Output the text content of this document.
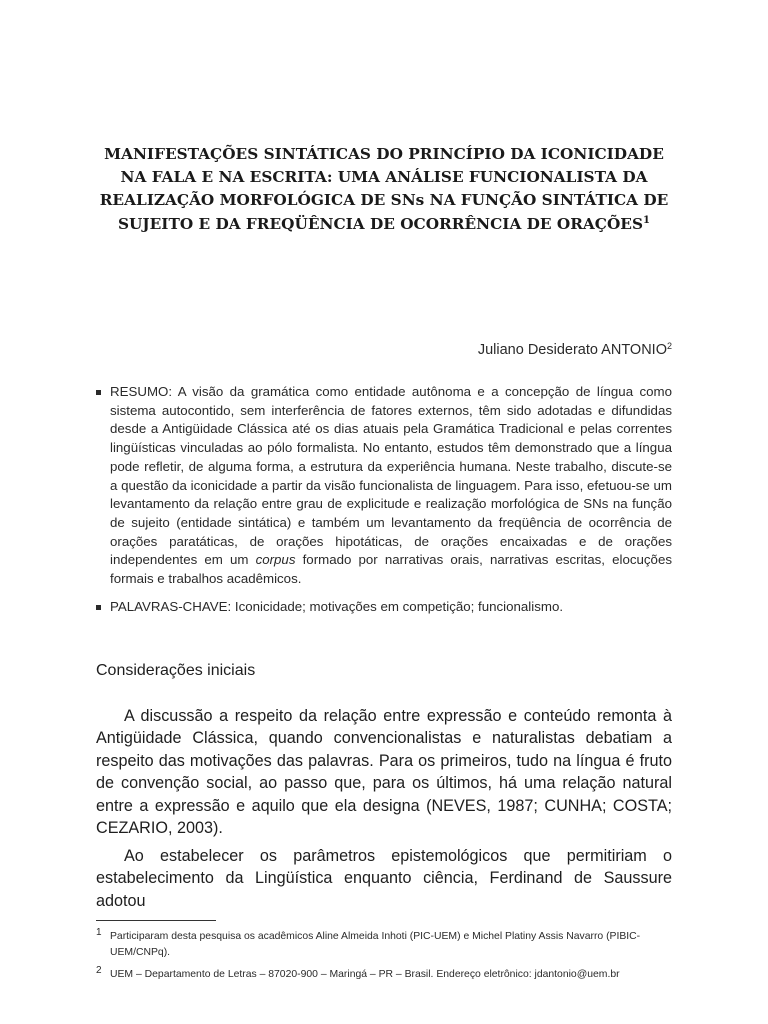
MANIFESTAÇÕES SINTÁTICAS DO PRINCÍPIO DA ICONICIDADE NA FALA E NA ESCRITA: UMA ANÁLISE FUNCIONALISTA DA REALIZAÇÃO MORFOLÓGICA DE SNs NA FUNÇÃO SINTÁTICA DE SUJEITO E DA FREQÜÊNCIA DE OCORRÊNCIA DE ORAÇÕES$^1$
Juliano Desiderato ANTONIO$^2$
RESUMO: A visão da gramática como entidade autônoma e a concepção de língua como sistema autocontido, sem interferência de fatores externos, têm sido adotadas e difundidas desde a Antigüidade Clássica até os dias atuais pela Gramática Tradicional e pelas correntes lingüísticas vinculadas ao pólo formalista. No entanto, estudos têm demonstrado que a língua pode refletir, de alguma forma, a estrutura da experiência humana. Neste trabalho, discute-se a questão da iconicidade a partir da visão funcionalista de linguagem. Para isso, efetuou-se um levantamento da relação entre grau de explicitude e realização morfológica de SNs na função de sujeito (entidade sintática) e também um levantamento da freqüência de ocorrência de orações paratáticas, de orações hipotáticas, de orações encaixadas e de orações independentes em um corpus formado por narrativas orais, narrativas escritas, elocuções formais e trabalhos acadêmicos.
PALAVRAS-CHAVE: Iconicidade; motivações em competição; funcionalismo.
Considerações iniciais

A discussão a respeito da relação entre expressão e conteúdo remonta à Antigüidade Clássica, quando convencionalistas e naturalistas debatiam a respeito das motivações das palavras. Para os primeiros, tudo na língua é fruto de convenção social, ao passo que, para os últimos, há uma relação natural entre a expressão e aquilo que ela designa (NEVES, 1987; CUNHA; COSTA; CEZARIO, 2003).

Ao estabelecer os parâmetros epistemológicos que permitiriam o estabelecimento da Lingüística enquanto ciência, Ferdinand de Saussure adotou

1 Participaram desta pesquisa os acadêmicos Aline Almeida Inhoti (PIC-UEM) e Michel Platiny Assis Navarro (PIBIC-UEM/CNPq).
2 UEM – Departamento de Letras – 87020-900 – Maringá – PR – Brasil. Endereço eletrônico: jdantonio@uem.br
